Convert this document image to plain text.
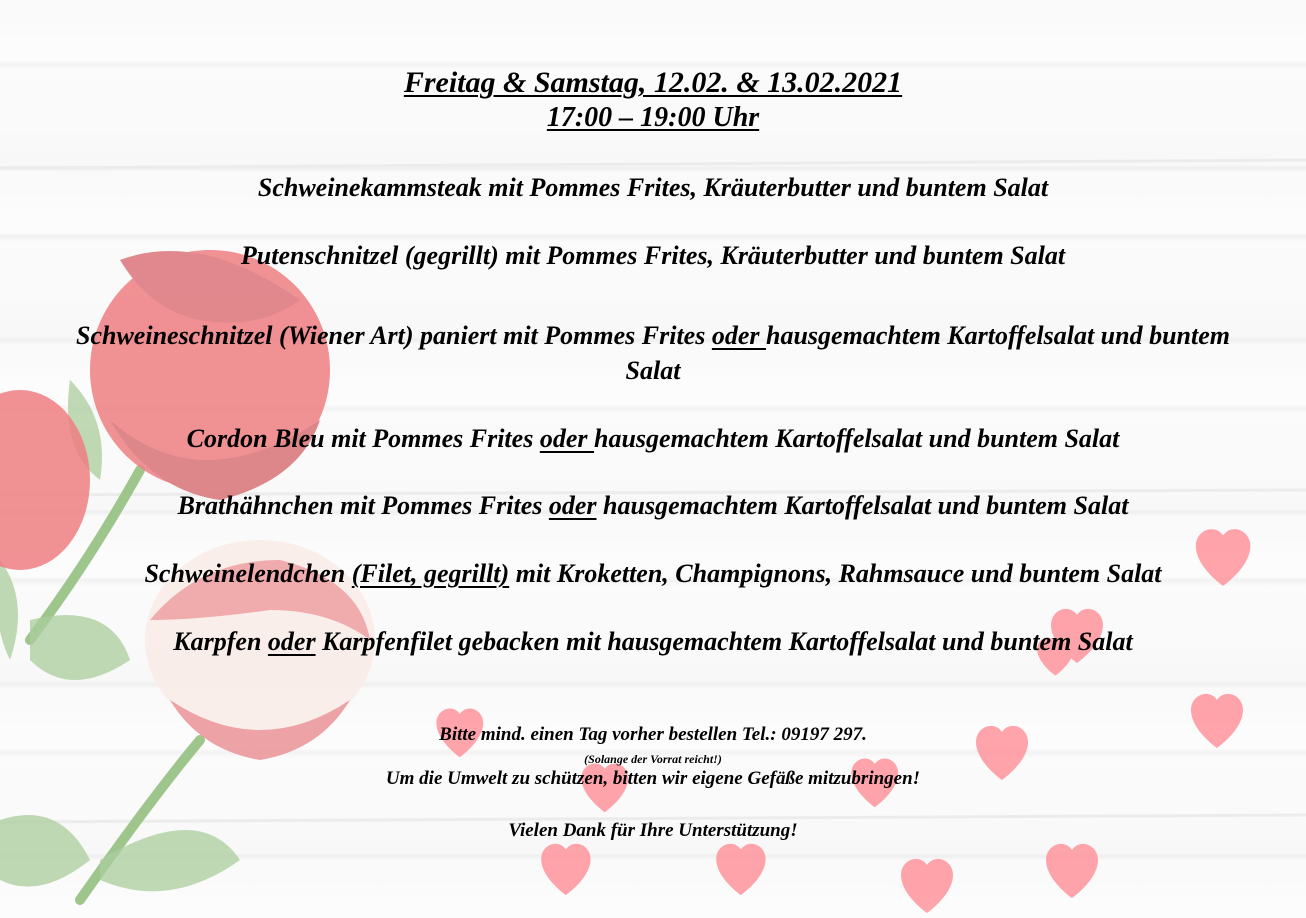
Freitag & Samstag, 12.02. & 13.02.2021
17:00 – 19:00 Uhr
Schweinekammsteak mit Pommes Frites, Kräuterbutter und buntem Salat
Putenschnitzel (gegrillt) mit Pommes Frites, Kräuterbutter und buntem Salat
Schweineschnitzel (Wiener Art) paniert mit Pommes Frites oder hausgemachtem Kartoffelsalat und buntem Salat
Cordon Bleu mit Pommes Frites oder hausgemachtem Kartoffelsalat und buntem Salat
Brathähnchen mit Pommes Frites oder hausgemachtem Kartoffelsalat und buntem Salat
Schweinelendchen (Filet, gegrillt) mit Kroketten, Champignons, Rahmsauce und buntem Salat
Karpfen oder Karpfenfilet gebacken mit hausgemachtem Kartoffelsalat und buntem Salat
Bitte mind. einen Tag vorher bestellen Tel.: 09197 297.
(Solange der Vorrat reicht!)
Um die Umwelt zu schützen, bitten wir eigene Gefäße mitzubringen!
Vielen Dank für Ihre Unterstützung!
